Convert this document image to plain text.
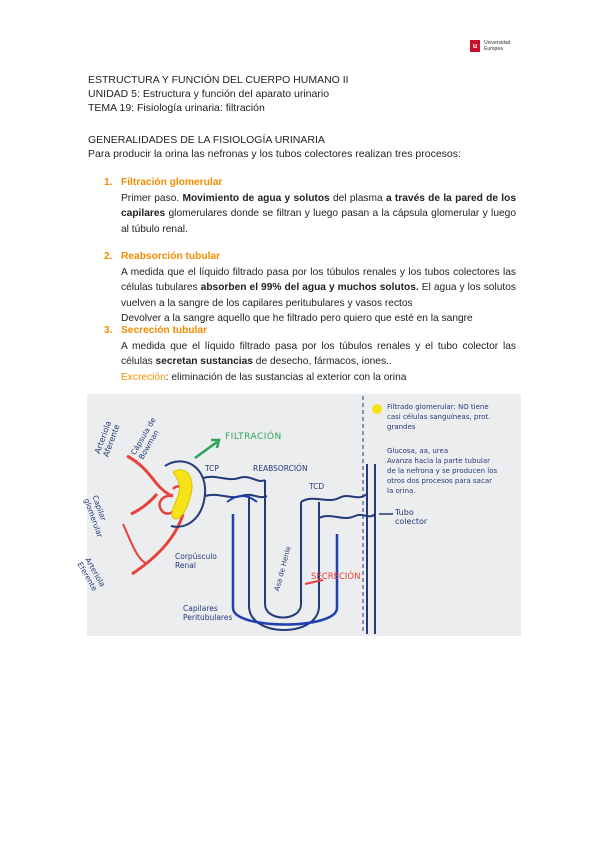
u	Universidad
Europea
ESTRUCTURA Y FUNCIÓN DEL CUERPO HUMANO II
UNIDAD 5: Estructura y función del aparato urinario
TEMA 19: Fisiología urinaria: filtración
GENERALIDADES DE LA FISIOLOGÍA URINARIA
Para producir la orina las nefronas y los tubos colectores realizan tres procesos:
1. Filtración glomerular
Primer paso. Movimiento de agua y solutos del plasma a través de la pared de los capilares glomerulares donde se filtran y luego pasan a la cápsula glomerular y luego al túbulo renal.
2. Reabsorción tubular
A medida que el líquido filtrado pasa por los túbulos renales y los tubos colectores las células tubulares absorben el 99% del agua y muchos solutos. El agua y los solutos vuelven a la sangre de los capilares peritubulares y vasos rectos
Devolver a la sangre aquello que he filtrado pero quiero que esté en la sangre
3. Secreción tubular
A medida que el líquido filtrado pasa por los túbulos renales y el tubo colector las células secretan sustancias de desecho, fármacos, iones..
Excreción: eliminación de las sustancias al exterior con la orina
Arteriola Aferente Cápsula de Bowman	FILTRACIÓN
TCP	REABSORCIÓN
TCD
Capilar glomerular
Corpúsculo Renal
Arteriola Eferente	Asa de Henle SECRECIÓN
Capilares Peritubulares
Tubo colector
Filtrado glomerular: NO tiene
casi células sanguíneas, prot.
grandes
Glucosa, aa, urea
Avanza hacia la parte tubular
de la nefrona y se producen los
otros dos procesos para sacar
la orina.
